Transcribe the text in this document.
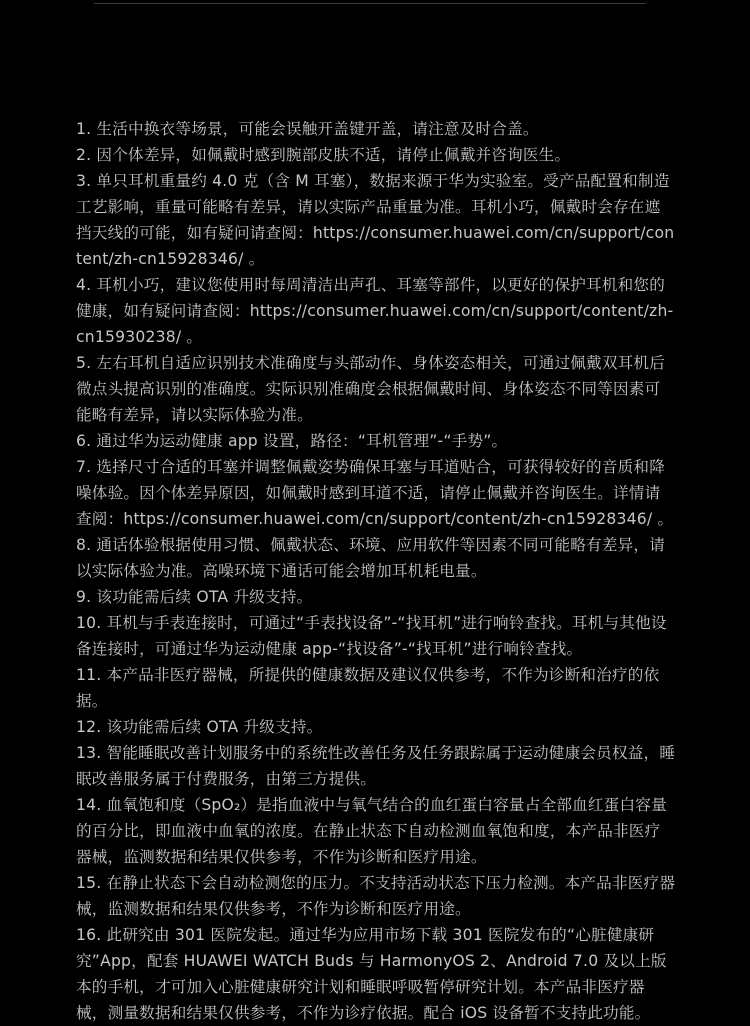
1. 生活中换衣等场景，可能会误触开盖键开盖，请注意及时合盖。

2. 因个体差异，如佩戴时感到腕部皮肤不适，请停止佩戴并咨询医生。

3. 单只耳机重量约 4.0 克（含 M 耳塞），数据来源于华为实验室。受产品配置和制造工艺影响，重量可能略有差异，请以实际产品重量为准。耳机小巧，佩戴时会存在遮挡天线的可能，如有疑问请查阅：https://consumer.huawei.com/cn/support/content/zh-cn15928346/ 。

4. 耳机小巧，建议您使用时每周清洁出声孔、耳塞等部件，以更好的保护耳机和您的健康，如有疑问请查阅：https://consumer.huawei.com/cn/support/content/zh-cn15930238/ 。

5. 左右耳机自适应识别技术准确度与头部动作、身体姿态相关，可通过佩戴双耳机后微点头提高识别的准确度。实际识别准确度会根据佩戴时间、身体姿态不同等因素可能略有差异，请以实际体验为准。

6. 通过华为运动健康 app 设置，路径：“耳机管理”-“手势”。

7. 选择尺寸合适的耳塞并调整佩戴姿势确保耳塞与耳道贴合，可获得较好的音质和降噪体验。因个体差异原因，如佩戴时感到耳道不适，请停止佩戴并咨询医生。详情请查阅：https://consumer.huawei.com/cn/support/content/zh-cn15928346/ 。

8. 通话体验根据使用习惯、佩戴状态、环境、应用软件等因素不同可能略有差异，请以实际体验为准。高噪环境下通话可能会增加耳机耗电量。

9. 该功能需后续 OTA 升级支持。

10. 耳机与手表连接时，可通过“手表找设备”-“找耳机”进行响铃查找。耳机与其他设备连接时，可通过华为运动健康 app-“找设备”-“找耳机”进行响铃查找。

11. 本产品非医疗器械，所提供的健康数据及建议仅供参考，不作为诊断和治疗的依据。

12. 该功能需后续 OTA 升级支持。

13. 智能睡眠改善计划服务中的系统性改善任务及任务跟踪属于运动健康会员权益，睡眠改善服务属于付费服务，由第三方提供。

14. 血氧饱和度（SpO₂）是指血液中与氧气结合的血红蛋白容量占全部血红蛋白容量的百分比，即血液中血氧的浓度。在静止状态下自动检测血氧饱和度，本产品非医疗器械，监测数据和结果仅供参考，不作为诊断和医疗用途。

15. 在静止状态下会自动检测您的压力。不支持活动状态下压力检测。本产品非医疗器械，监测数据和结果仅供参考，不作为诊断和医疗用途。

16. 此研究由 301 医院发起。通过华为应用市场下载 301 医院发布的“心脏健康研究”App，配套 HUAWEI WATCH Buds 与 HarmonyOS 2、Android 7.0 及以上版本的手机，才可加入心脏健康研究计划和睡眠呼吸暂停研究计划。本产品非医疗器械，测量数据和结果仅供参考，不作为诊疗依据。配合 iOS 设备暂不支持此功能。
